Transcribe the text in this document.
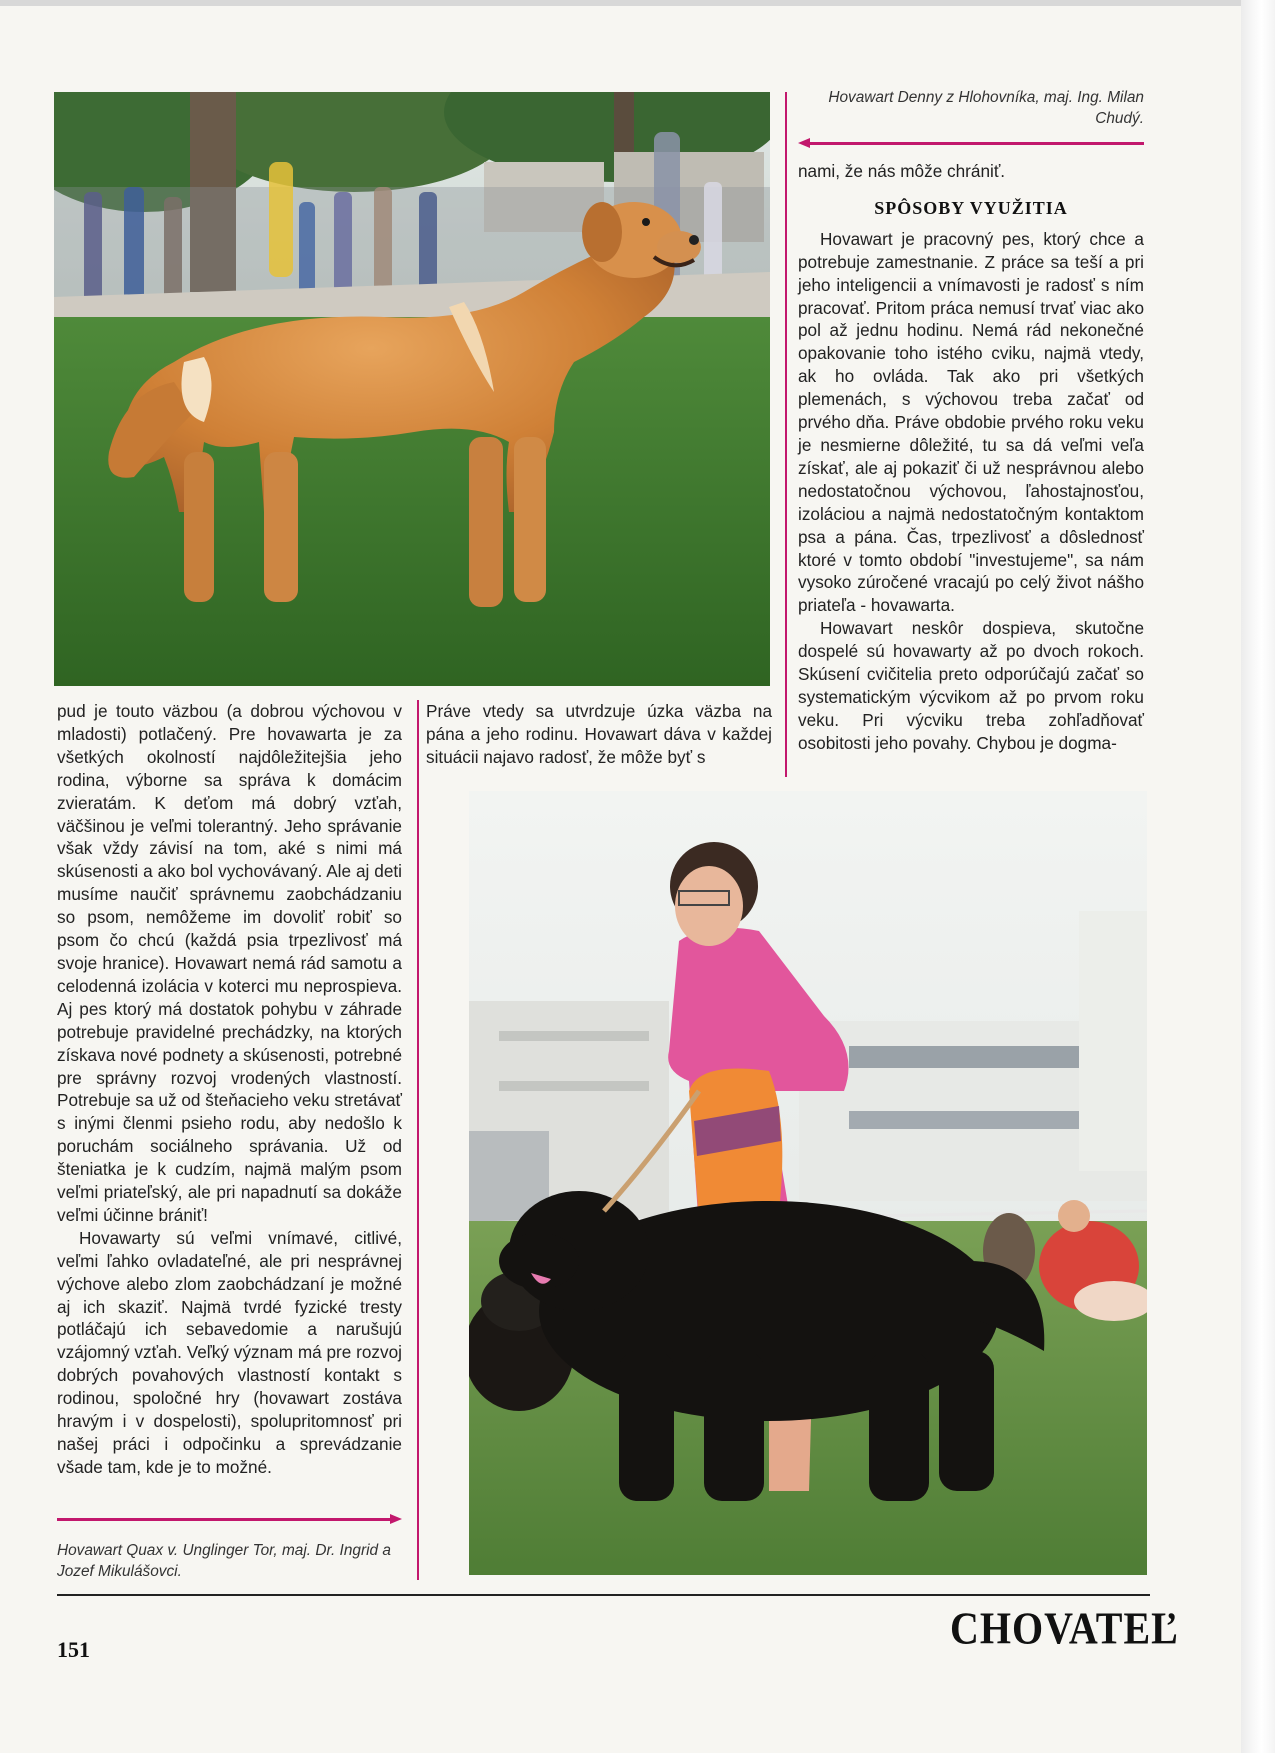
Hovawart Denny z Hlohovníka, maj. Ing. Milan Chudý.

nami, že nás môže chrániť.

SPÔSOBY VYUŽITIA

Hovawart je pracovný pes, ktorý chce a potrebuje zamestnanie. Z práce sa teší a pri jeho inteligencii a vnímavosti je radosť s ním pracovať. Pritom práca nemusí trvať viac ako pol až jednu hodinu. Nemá rád nekonečné opakovanie toho istého cviku, najmä vtedy, ak ho ovláda. Tak ako pri všetkých plemenách, s výchovou treba začať od prvého dňa. Práve obdobie prvého roku veku je nesmierne dôležité, tu sa dá veľmi veľa získať, ale aj pokaziť či už nesprávnou alebo nedostatočnou výchovou, ľahostajnosťou, izoláciou a najmä nedostatočným kontaktom psa a pána. Čas, trpezlivosť a dôslednosť ktoré v tomto období "investujeme", sa nám vysoko zúročené vracajú po celý život nášho priateľa - hovawarta.

Howavart neskôr dospieva, skutočne dospelé sú hovawarty až po dvoch rokoch. Skúsení cvičitelia preto odporúčajú začať so systematickým výcvikom až po prvom roku veku. Pri výcviku treba zohľadňovať osobitosti jeho povahy. Chybou je dogma-

pud je touto väzbou (a dobrou výchovou v mladosti) potlačený. Pre hovawarta je za všetkých okolností najdôležitejšia jeho rodina, výborne sa správa k domácim zvieratám. K deťom má dobrý vzťah, väčšinou je veľmi tolerantný. Jeho správanie však vždy závisí na tom, aké s nimi má skúsenosti a ako bol vychovávaný. Ale aj deti musíme naučiť správnemu zaobchádzaniu so psom, nemôžeme im dovoliť robiť so psom čo chcú (každá psia trpezlivosť má svoje hranice). Hovawart nemá rád samotu a celodenná izolácia v koterci mu neprospieva. Aj pes ktorý má dostatok pohybu v záhrade potrebuje pravidelné prechádzky, na ktorých získava nové podnety a skúsenosti, potrebné pre správny rozvoj vrodených vlastností. Potrebuje sa už od šteňacieho veku stretávať s inými členmi psieho rodu, aby nedošlo k poruchám sociálneho správania. Už od šteniatka je k cudzím, najmä malým psom veľmi priateľský, ale pri napadnutí sa dokáže veľmi účinne brániť!

Hovawarty sú veľmi vnímavé, citlivé, veľmi ľahko ovladateľné, ale pri nesprávnej výchove alebo zlom zaobchádzaní je možné aj ich skaziť. Najmä tvrdé fyzické tresty potláčajú ich sebavedomie a narušujú vzájomný vzťah. Veľký význam má pre rozvoj dobrých povahových vlastností kontakt s rodinou, spoločné hry (hovawart zostáva hravým i v dospelosti), spolupritomnosť pri našej práci i odpočinku a sprevádzanie všade tam, kde je to možné.

Práve vtedy sa utvrdzuje úzka väzba na pána a jeho rodinu. Hovawart dáva v každej situácii najavo radosť, že môže byť s

Hovawart Quax v. Unglinger Tor, maj. Dr. Ingrid a Jozef Mikulášovci.
151	CHOVATEĽ
